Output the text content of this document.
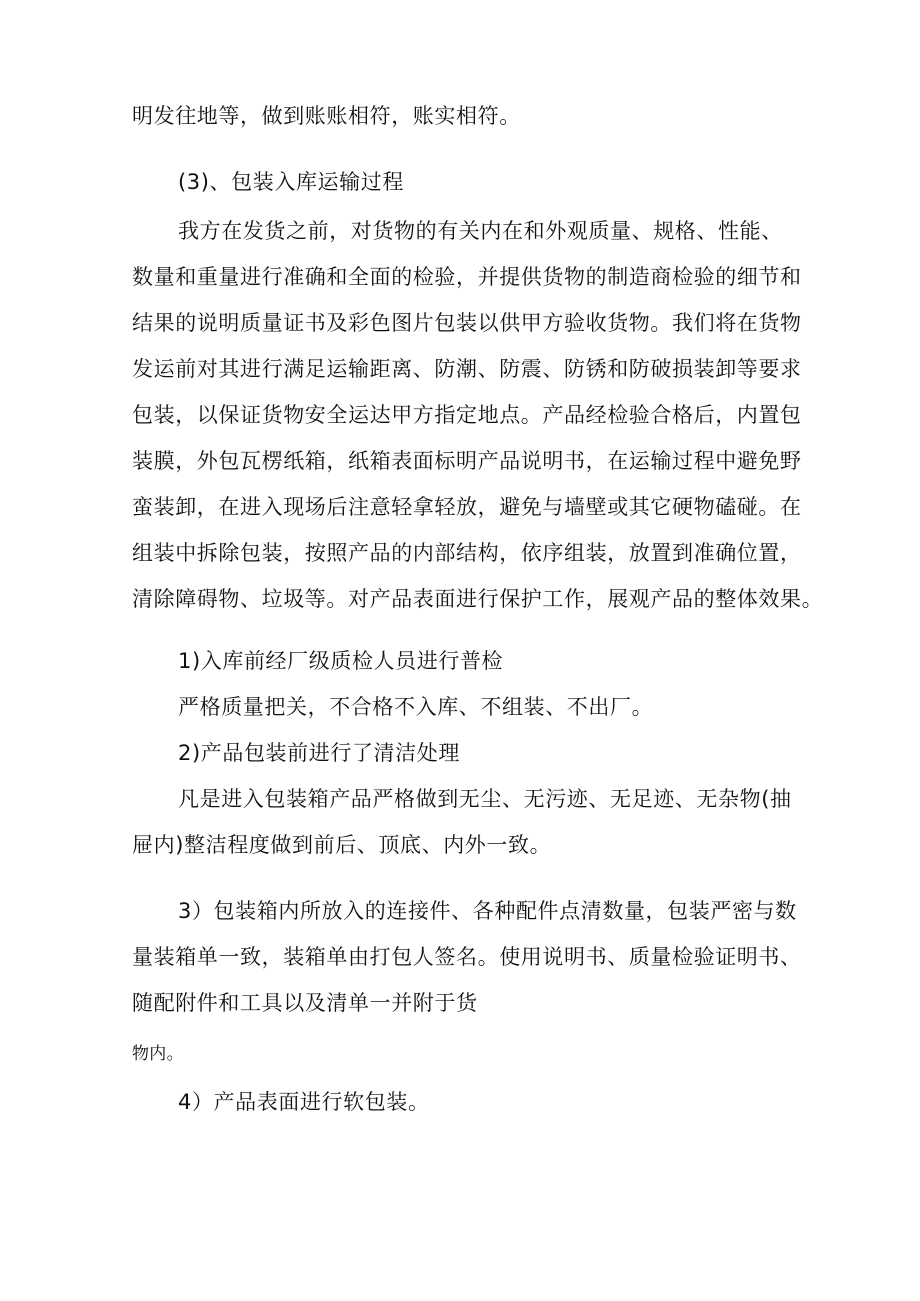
明发往地等，做到账账相符，账实相符。
(3)、包装入库运输过程
我方在发货之前，对货物的有关内在和外观质量、规格、性能、
数量和重量进行准确和全面的检验，并提供货物的制造商检验的细节和
结果的说明质量证书及彩色图片包装以供甲方验收货物。我们将在货物
发运前对其进行满足运输距离、防潮、防震、防锈和防破损装卸等要求
包装，以保证货物安全运达甲方指定地点。产品经检验合格后，内置包
装膜，外包瓦楞纸箱，纸箱表面标明产品说明书，在运输过程中避免野
蛮装卸，在进入现场后注意轻拿轻放，避免与墙壁或其它硬物磕碰。在
组装中拆除包装，按照产品的内部结构，依序组装，放置到准确位置，
清除障碍物、垃圾等。对产品表面进行保护工作，展观产品的整体效果。
1)入库前经厂级质检人员进行普检
严格质量把关，不合格不入库、不组装、不出厂。
2)产品包装前进行了清洁处理
凡是进入包装箱产品严格做到无尘、无污迹、无足迹、无杂物(抽
屉内)整洁程度做到前后、顶底、内外一致。
3）包装箱内所放入的连接件、各种配件点清数量，包装严密与数
量装箱单一致，装箱单由打包人签名。使用说明书、质量检验证明书、
随配附件和工具以及清单一并附于货
物内。
4）产品表面进行软包装。
